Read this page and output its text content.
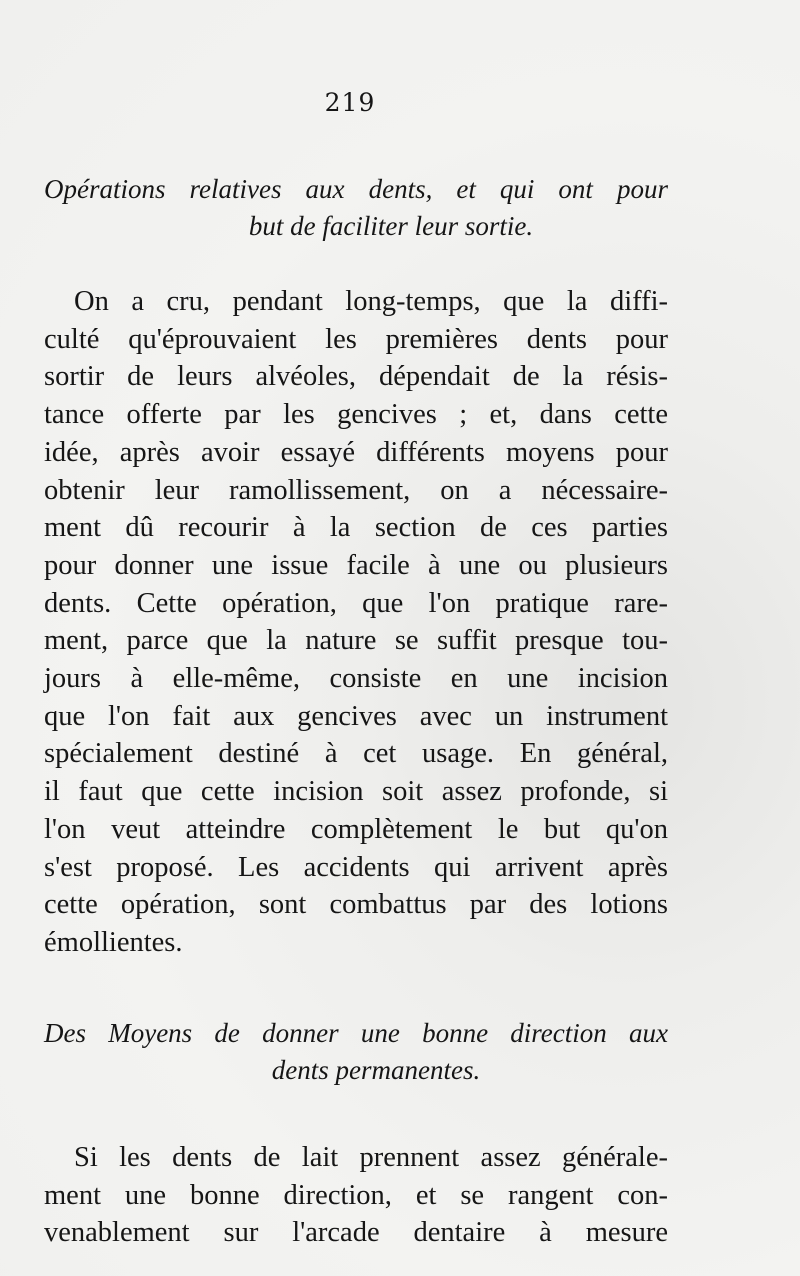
219
Opérations relatives aux dents, et qui ont pour
but de faciliter leur sortie.
On a cru, pendant long-temps, que la diffi-
culté qu'éprouvaient les premières dents pour
sortir de leurs alvéoles, dépendait de la résis-
tance offerte par les gencives ; et, dans cette
idée, après avoir essayé différents moyens pour
obtenir leur ramollissement, on a nécessaire-
ment dû recourir à la section de ces parties
pour donner une issue facile à une ou plusieurs
dents. Cette opération, que l'on pratique rare-
ment, parce que la nature se suffit presque tou-
jours à elle-même, consiste en une incision
que l'on fait aux gencives avec un instrument
spécialement destiné à cet usage. En général,
il faut que cette incision soit assez profonde, si
l'on veut atteindre complètement le but qu'on
s'est proposé. Les accidents qui arrivent après
cette opération, sont combattus par des lotions
émollientes.
Des Moyens de donner une bonne direction aux
dents permanentes.
Si les dents de lait prennent assez générale-
ment une bonne direction, et se rangent con-
venablement sur l'arcade dentaire à mesure
